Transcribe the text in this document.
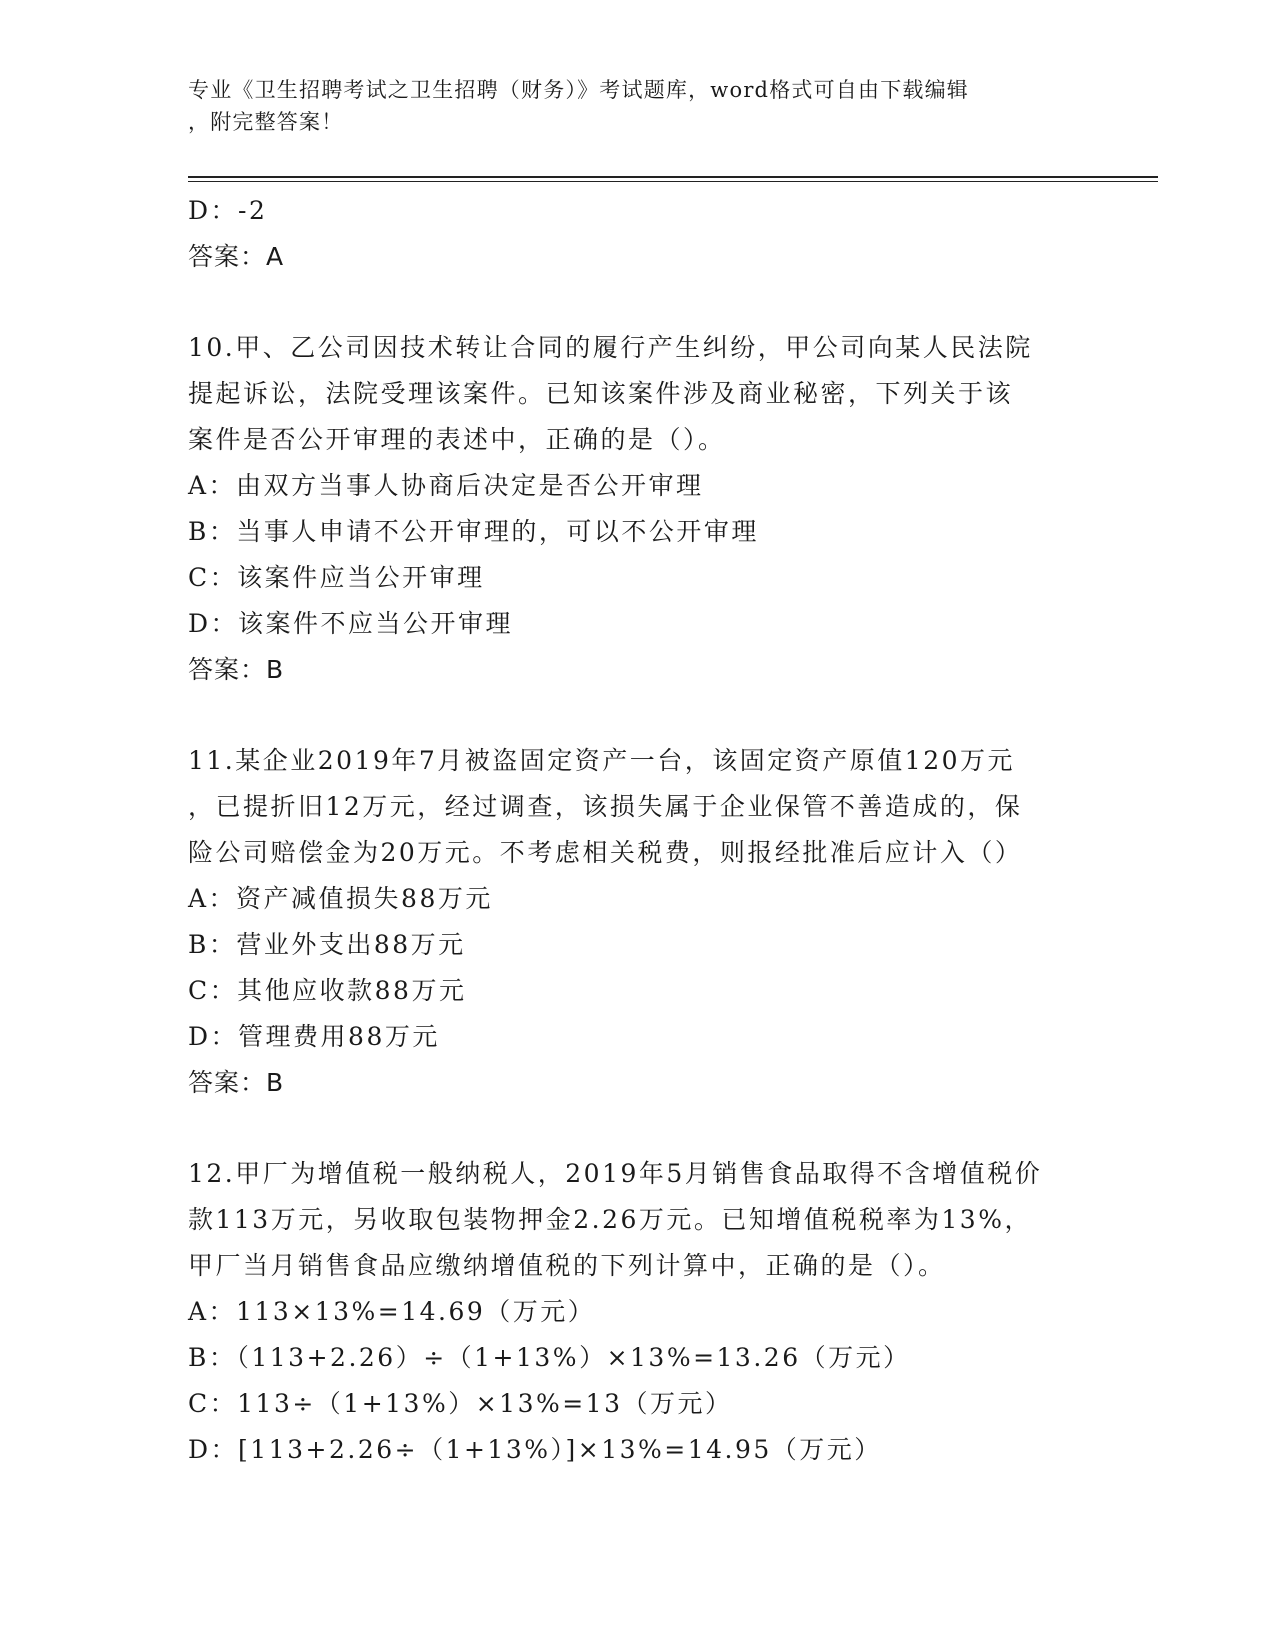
专业《卫生招聘考试之卫生招聘（财务）》考试题库，word格式可自由下载编辑
，附完整答案！
D：-2
答案：A
10.甲、乙公司因技术转让合同的履行产生纠纷，甲公司向某人民法院
提起诉讼，法院受理该案件。已知该案件涉及商业秘密，下列关于该
案件是否公开审理的表述中，正确的是（）。
A：由双方当事人协商后决定是否公开审理
B：当事人申请不公开审理的，可以不公开审理
C：该案件应当公开审理
D：该案件不应当公开审理
答案：B
11.某企业2019年7月被盗固定资产一台，该固定资产原值120万元
，已提折旧12万元，经过调查，该损失属于企业保管不善造成的，保
险公司赔偿金为20万元。不考虑相关税费，则报经批准后应计入（）
A：资产减值损失88万元
B：营业外支出88万元
C：其他应收款88万元
D：管理费用88万元
答案：B
12.甲厂为增值税一般纳税人，2019年5月销售食品取得不含增值税价
款113万元，另收取包装物押金2.26万元。已知增值税税率为13%，
甲厂当月销售食品应缴纳增值税的下列计算中，正确的是（）。
A：113×13%=14.69（万元）
B：（113+2.26）÷（1+13%）×13%=13.26（万元）
C：113÷（1+13%）×13%=13（万元）
D：[113+2.26÷（1+13%）]×13%=14.95（万元）
